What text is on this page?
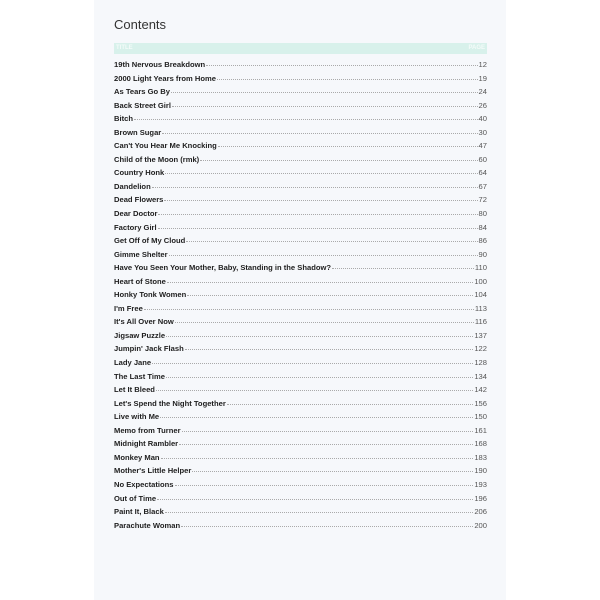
Contents
TITLE	PAGE
19th Nervous Breakdown	12
2000 Light Years from Home	19
As Tears Go By	24
Back Street Girl	26
Bitch	40
Brown Sugar	30
Can't You Hear Me Knocking	47
Child of the Moon (rmk)	60
Country Honk	64
Dandelion	67
Dead Flowers	72
Dear Doctor	80
Factory Girl	84
Get Off of My Cloud	86
Gimme Shelter	90
Have You Seen Your Mother, Baby, Standing in the Shadow?	110
Heart of Stone	100
Honky Tonk Women	104
I'm Free	113
It's All Over Now	116
Jigsaw Puzzle	137
Jumpin' Jack Flash	122
Lady Jane	128
The Last Time	134
Let It Bleed	142
Let's Spend the Night Together	156
Live with Me	150
Memo from Turner	161
Midnight Rambler	168
Monkey Man	183
Mother's Little Helper	190
No Expectations	193
Out of Time	196
Paint It, Black	206
Parachute Woman	200
